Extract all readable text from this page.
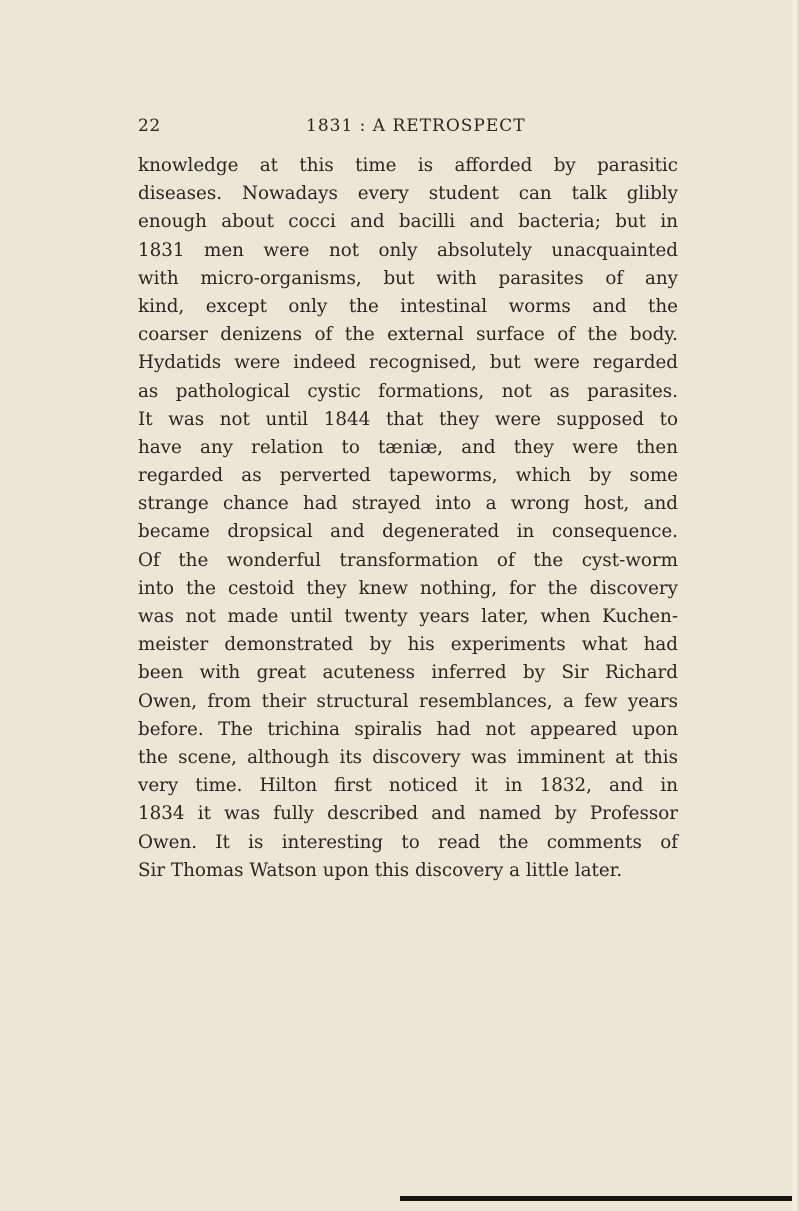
22	1831 : A RETROSPECT
knowledge at this time is afforded by parasitic
diseases. Nowadays every student can talk glibly
enough about cocci and bacilli and bacteria; but in
1831 men were not only absolutely unacquainted
with micro-organisms, but with parasites of any
kind, except only the intestinal worms and the
coarser denizens of the external surface of the body.
Hydatids were indeed recognised, but were regarded
as pathological cystic formations, not as parasites.
It was not until 1844 that they were supposed to
have any relation to tæniæ, and they were then
regarded as perverted tapeworms, which by some
strange chance had strayed into a wrong host, and
became dropsical and degenerated in consequence.
Of the wonderful transformation of the cyst-worm
into the cestoid they knew nothing, for the discovery
was not made until twenty years later, when Kuchen-
meister demonstrated by his experiments what had
been with great acuteness inferred by Sir Richard
Owen, from their structural resemblances, a few years
before. The trichina spiralis had not appeared upon
the scene, although its discovery was imminent at this
very time. Hilton first noticed it in 1832, and in
1834 it was fully described and named by Professor
Owen. It is interesting to read the comments of
Sir Thomas Watson upon this discovery a little later.
